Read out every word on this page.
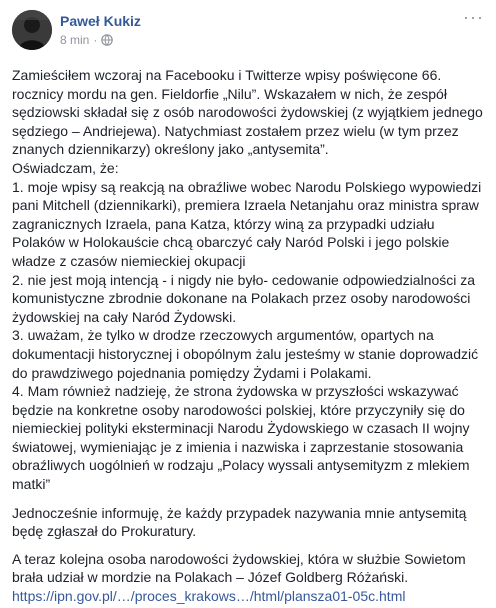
Paweł Kukiz
8 min ·
···

Zamieściłem wczoraj na Facebooku i Twitterze wpisy poświęcone 66. rocznicy mordu na gen. Fieldorfie „Nilu”. Wskazałem w nich, że zespół sędziowski składał się z osób narodowości żydowskiej (z wyjątkiem jednego sędziego – Andriejewa). Natychmiast zostałem przez wielu (w tym przez znanych dziennikarzy) określony jako „antysemita”.
Oświadczam, że:
1. moje wpisy są reakcją na obraźliwe wobec Narodu Polskiego wypowiedzi pani Mitchell (dziennikarki), premiera Izraela Netanjahu oraz ministra spraw zagranicznych Izraela, pana Katza, którzy winą za przypadki udziału Polaków w Holokauście chcą obarczyć cały Naród Polski i jego polskie władze z czasów niemieckiej okupacji
2. nie jest moją intencją - i nigdy nie było- cedowanie odpowiedzialności za komunistyczne zbrodnie dokonane na Polakach przez osoby narodowości żydowskiej na cały Naród Żydowski.
3. uważam, że tylko w drodze rzeczowych argumentów, opartych na dokumentacji historycznej i obopólnym żalu jesteśmy w stanie doprowadzić do prawdziwego pojednania pomiędzy Żydami i Polakami.
4. Mam również nadzieję, że strona żydowska w przyszłości wskazywać będzie na konkretne osoby narodowości polskiej, które przyczyniły się do niemieckiej polityki eksterminacji Narodu Żydowskiego w czasach II wojny światowej, wymieniając je z imienia i nazwiska i zaprzestanie stosowania obraźliwych uogólnień w rodzaju „Polacy wyssali antysemityzm z mlekiem matki”

Jednocześnie informuję, że każdy przypadek nazywania mnie antysemitą będę zgłaszał do Prokuratury.

A teraz kolejna osoba narodowości żydowskiej, która w służbie Sowietom brała udział w mordzie na Polakach – Józef Goldberg Różański.

https://ipn.gov.pl/…/proces_krakows…/html/plansza01-05c.html
